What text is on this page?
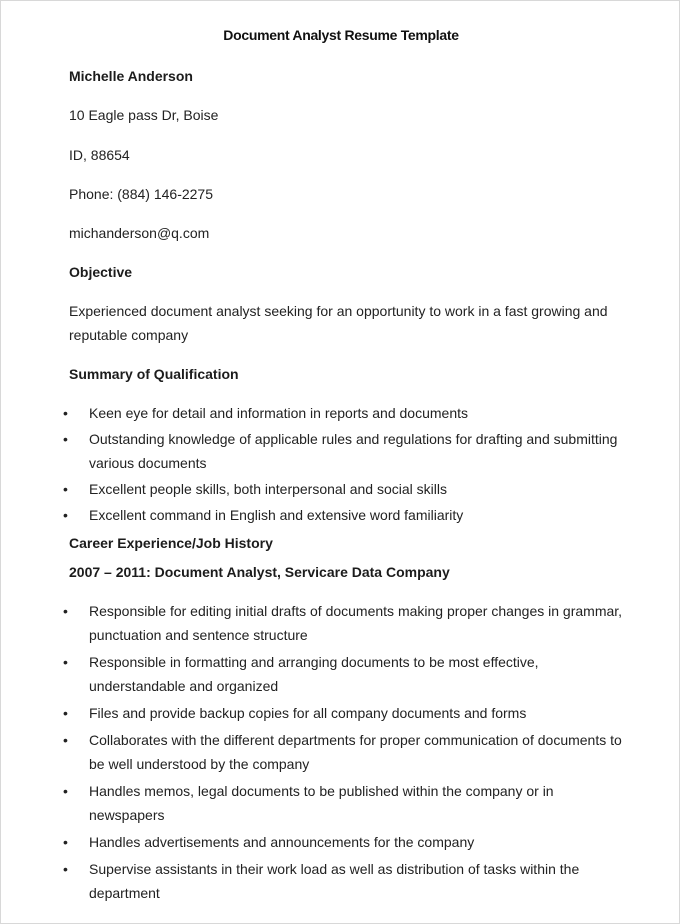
Document Analyst Resume Template
Michelle Anderson
10 Eagle pass Dr, Boise
ID, 88654
Phone: (884) 146-2275
michanderson@q.com
Objective
Experienced document analyst seeking for an opportunity to work in a fast growing and reputable company
Summary of Qualification
• Keen eye for detail and information in reports and documents
• Outstanding knowledge of applicable rules and regulations for drafting and submitting various documents
• Excellent people skills, both interpersonal and social skills
• Excellent command in English and extensive word familiarity
Career Experience/Job History
2007 – 2011: Document Analyst, Servicare Data Company
• Responsible for editing initial drafts of documents making proper changes in grammar, punctuation and sentence structure
• Responsible in formatting and arranging documents to be most effective, understandable and organized
• Files and provide backup copies for all company documents and forms
• Collaborates with the different departments for proper communication of documents to be well understood by the company
• Handles memos, legal documents to be published within the company or in newspapers
• Handles advertisements and announcements for the company
• Supervise assistants in their work load as well as distribution of tasks within the department
